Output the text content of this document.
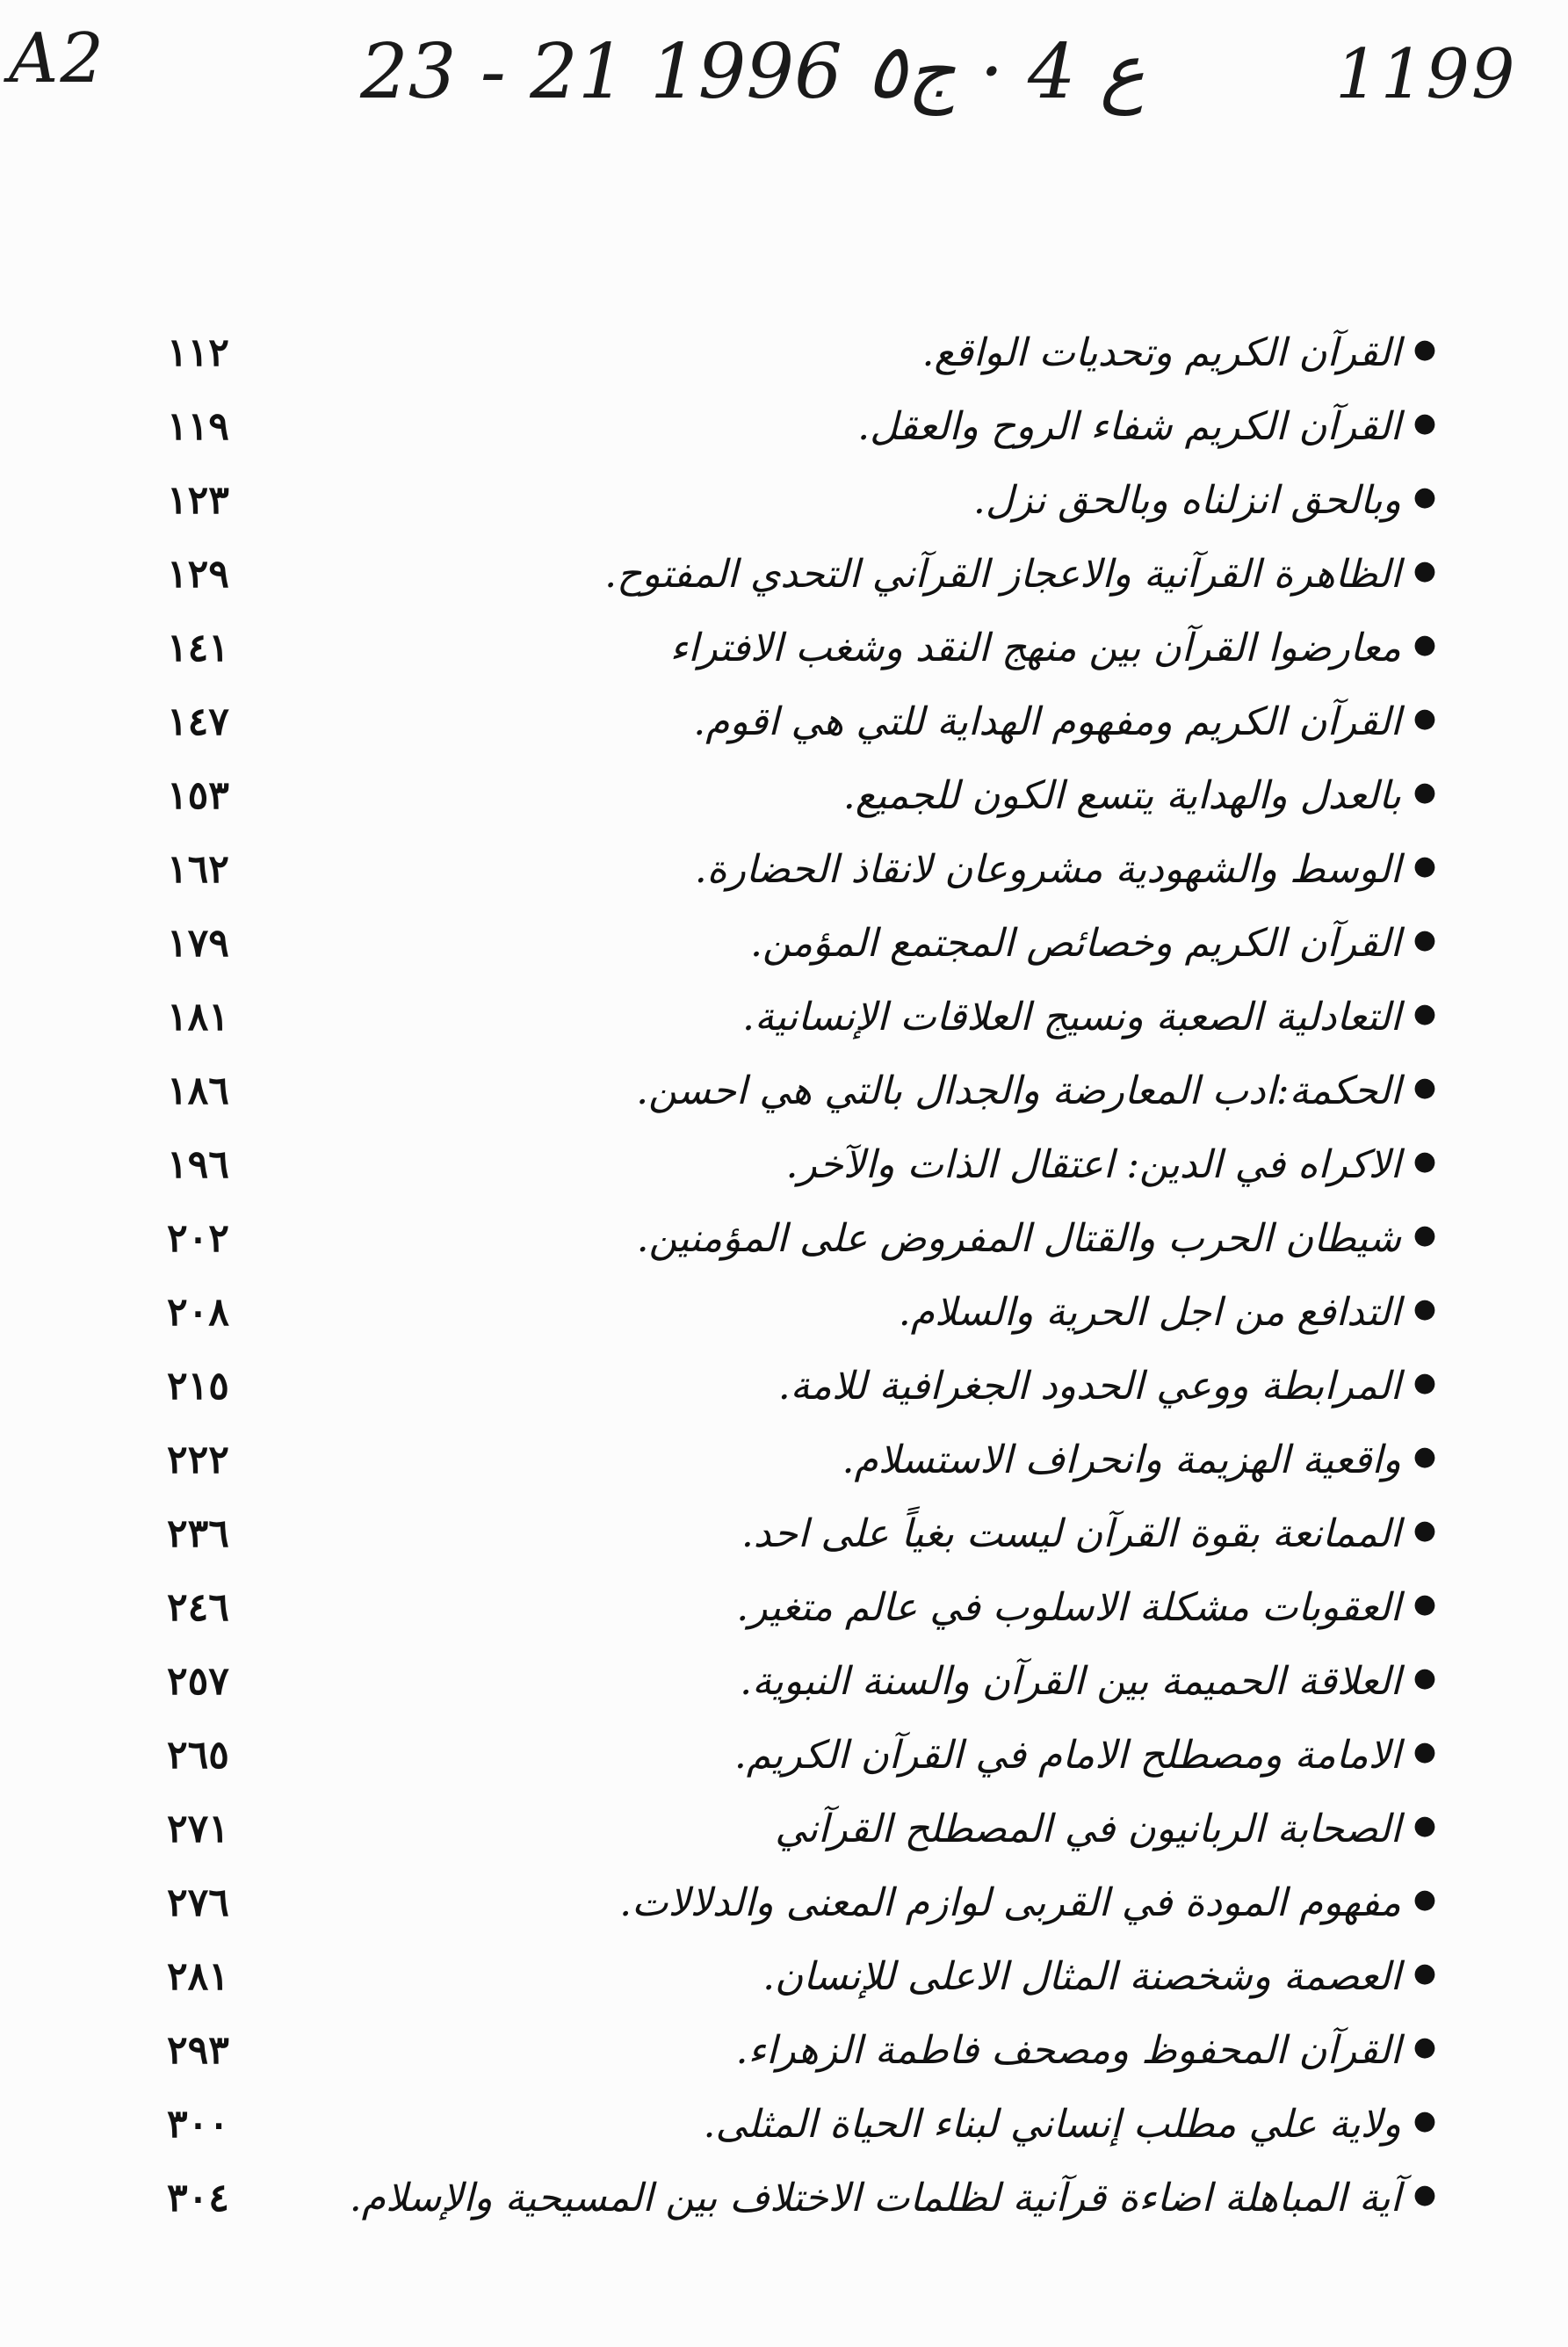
A2	23 - 21 ع 4 · ج٥ 1996	1199
●
القرآن الكريم وتحديات الواقع.
١١٢
●
القرآن الكريم شفاء الروح والعقل.
١١٩
●
وبالحق انزلناه وبالحق نزل.
١٢٣
●
الظاهرة القرآنية والاعجاز القرآني التحدي المفتوح.
١٢٩
●
معارضوا القرآن بين منهج النقد وشغب الافتراء
١٤١
●
القرآن الكريم ومفهوم الهداية للتي هي اقوم.
١٤٧
●
بالعدل والهداية يتسع الكون للجميع.
١٥٣
●
الوسط والشهودية مشروعان لانقاذ الحضارة.
١٦٢
●
القرآن الكريم وخصائص المجتمع المؤمن.
١٧٩
●
التعادلية الصعبة ونسيج العلاقات الإنسانية.
١٨١
●
الحكمة:ادب المعارضة والجدال بالتي هي احسن.
١٨٦
●
الاكراه في الدين: اعتقال الذات والآخر.
١٩٦
●
شيطان الحرب والقتال المفروض على المؤمنين.
٢٠٢
●
التدافع من اجل الحرية والسلام.
٢٠٨
●
المرابطة ووعي الحدود الجغرافية للامة.
٢١٥
●
واقعية الهزيمة وانحراف الاستسلام.
٢٢٢
●
الممانعة بقوة القرآن ليست بغياً على احد.
٢٣٦
●
العقوبات مشكلة الاسلوب في عالم متغير.
٢٤٦
●
العلاقة الحميمة بين القرآن والسنة النبوية.
٢٥٧
●
الامامة ومصطلح الامام في القرآن الكريم.
٢٦٥
●
الصحابة الربانيون في المصطلح القرآني
٢٧١
●
مفهوم المودة في القربى لوازم المعنى والدلالات.
٢٧٦
●
العصمة وشخصنة المثال الاعلى للإنسان.
٢٨١
●
القرآن المحفوظ ومصحف فاطمة الزهراء.
٢٩٣
●
ولاية علي مطلب إنساني لبناء الحياة المثلى.
٣٠٠
●
آية المباهلة اضاءة قرآنية لظلمات الاختلاف بين المسيحية والإسلام.
٣٠٤
